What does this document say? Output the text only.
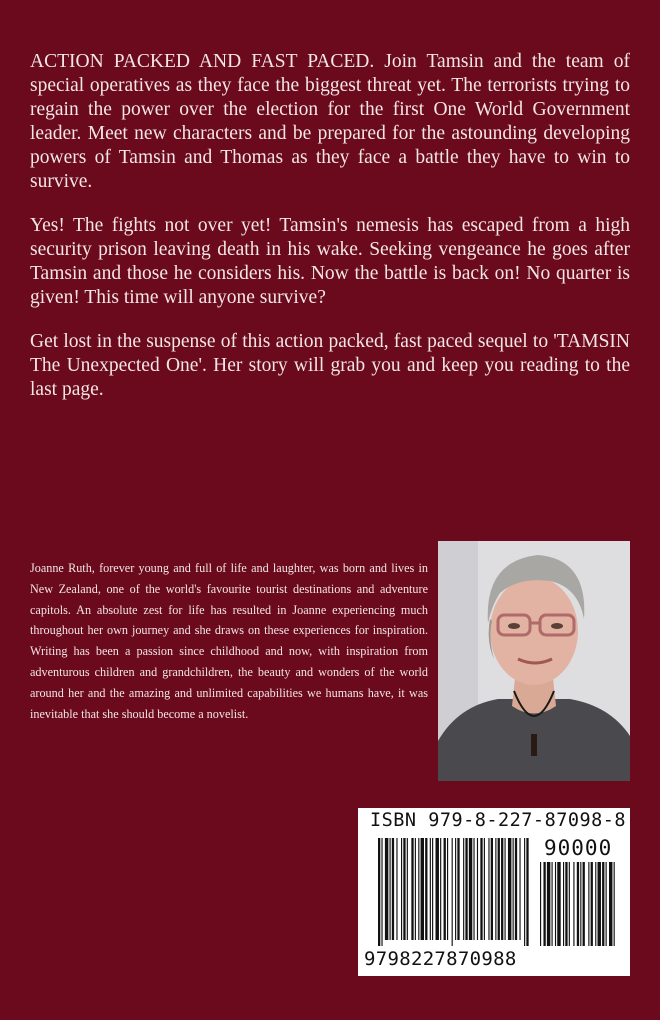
ACTION PACKED AND FAST PACED. Join Tamsin and the team of special operatives as they face the biggest threat yet. The terrorists trying to regain the power over the election for the first One World Government leader. Meet new characters and be prepared for the astounding developing powers of Tamsin and Thomas as they face a battle they have to win to survive.

Yes! The fights not over yet! Tamsin's nemesis has escaped from a high security prison leaving death in his wake. Seeking vengeance he goes after Tamsin and those he considers his. Now the battle is back on! No quarter is given! This time will anyone survive?

Get lost in the suspense of this action packed, fast paced sequel to 'TAMSIN The Unexpected One'. Her story will grab you and keep you reading to the last page.

Joanne Ruth, forever young and full of life and laughter, was born and lives in New Zealand, one of the world's favourite tourist destinations and adventure capitols. An absolute zest for life has resulted in Joanne experiencing much throughout her own journey and she draws on these experiences for inspiration. Writing has been a passion since childhood and now, with inspiration from adventurous children and grandchildren, the beauty and wonders of the world around her and the amazing and unlimited capabilities we humans have, it was inevitable that she should become a novelist.

ISBN 979-8-227-87098-8
90000
9798227870988
